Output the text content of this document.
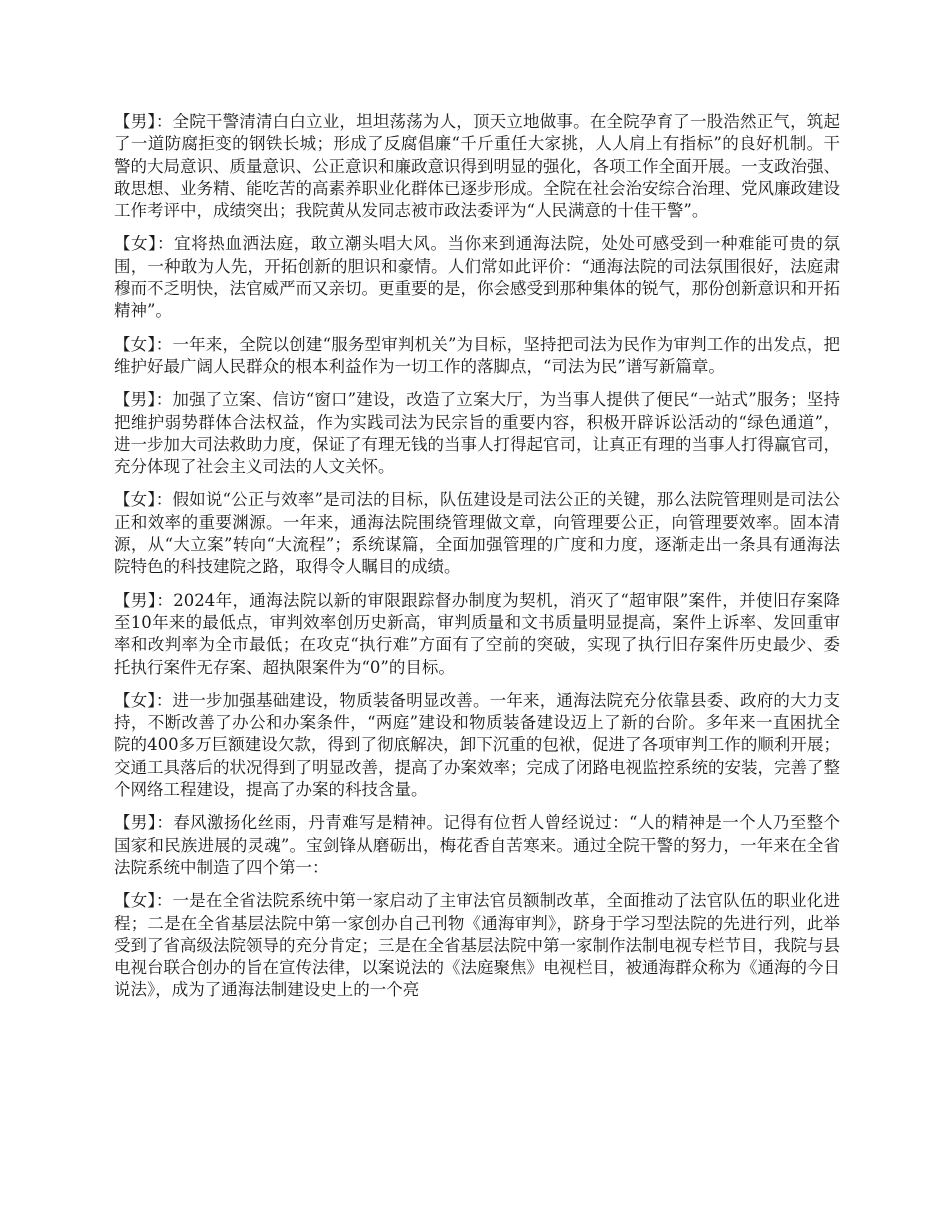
【男】：全院干警清清白白立业，坦坦荡荡为人，顶天立地做事。在全院孕育了一股浩然正气，筑起了一道防腐拒变的钢铁长城；形成了反腐倡廉“千斤重任大家挑，人人肩上有指标”的良好机制。干警的大局意识、质量意识、公正意识和廉政意识得到明显的强化，各项工作全面开展。一支政治强、敢思想、业务精、能吃苦的高素养职业化群体已逐步形成。全院在社会治安综合治理、党风廉政建设工作考评中，成绩突出；我院黄从发同志被市政法委评为“人民满意的十佳干警”。

【女】：宜将热血洒法庭，敢立潮头唱大风。当你来到通海法院，处处可感受到一种难能可贵的氛围，一种敢为人先，开拓创新的胆识和豪情。人们常如此评价：“通海法院的司法氛围很好，法庭肃穆而不乏明快，法官威严而又亲切。更重要的是，你会感受到那种集体的锐气，那份创新意识和开拓精神”。

【女】：一年来，全院以创建“服务型审判机关”为目标，坚持把司法为民作为审判工作的出发点，把维护好最广阔人民群众的根本利益作为一切工作的落脚点，“司法为民”谱写新篇章。

【男】：加强了立案、信访“窗口”建设，改造了立案大厅，为当事人提供了便民“一站式”服务；坚持把维护弱势群体合法权益，作为实践司法为民宗旨的重要内容，积极开辟诉讼活动的“绿色通道”，进一步加大司法救助力度，保证了有理无钱的当事人打得起官司，让真正有理的当事人打得赢官司，充分体现了社会主义司法的人文关怀。

【女】：假如说“公正与效率”是司法的目标，队伍建设是司法公正的关键，那么法院管理则是司法公正和效率的重要渊源。一年来，通海法院围绕管理做文章，向管理要公正，向管理要效率。固本清源，从“大立案”转向“大流程”；系统谋篇，全面加强管理的广度和力度，逐渐走出一条具有通海法院特色的科技建院之路，取得令人瞩目的成绩。

【男】：2024年，通海法院以新的审限跟踪督办制度为契机，消灭了“超审限”案件，并使旧存案降至10年来的最低点，审判效率创历史新高，审判质量和文书质量明显提高，案件上诉率、发回重审率和改判率为全市最低；在攻克“执行难”方面有了空前的突破，实现了执行旧存案件历史最少、委托执行案件无存案、超执限案件为“0”的目标。

【女】：进一步加强基础建设，物质装备明显改善。一年来，通海法院充分依靠县委、政府的大力支持，不断改善了办公和办案条件，“两庭”建设和物质装备建设迈上了新的台阶。多年来一直困扰全院的400多万巨额建设欠款，得到了彻底解决，卸下沉重的包袱，促进了各项审判工作的顺利开展；交通工具落后的状况得到了明显改善，提高了办案效率；完成了闭路电视监控系统的安装，完善了整个网络工程建设，提高了办案的科技含量。

【男】：春风激扬化丝雨，丹青难写是精神。记得有位哲人曾经说过：“人的精神是一个人乃至整个国家和民族进展的灵魂”。宝剑锋从磨砺出，梅花香自苦寒来。通过全院干警的努力，一年来在全省法院系统中制造了四个第一：

【女】：一是在全省法院系统中第一家启动了主审法官员额制改革，全面推动了法官队伍的职业化进程；二是在全省基层法院中第一家创办自己刊物《通海审判》，跻身于学习型法院的先进行列，此举受到了省高级法院领导的充分肯定；三是在全省基层法院中第一家制作法制电视专栏节目，我院与县电视台联合创办的旨在宣传法律，以案说法的《法庭聚焦》电视栏目，被通海群众称为《通海的今日说法》，成为了通海法制建设史上的一个亮
